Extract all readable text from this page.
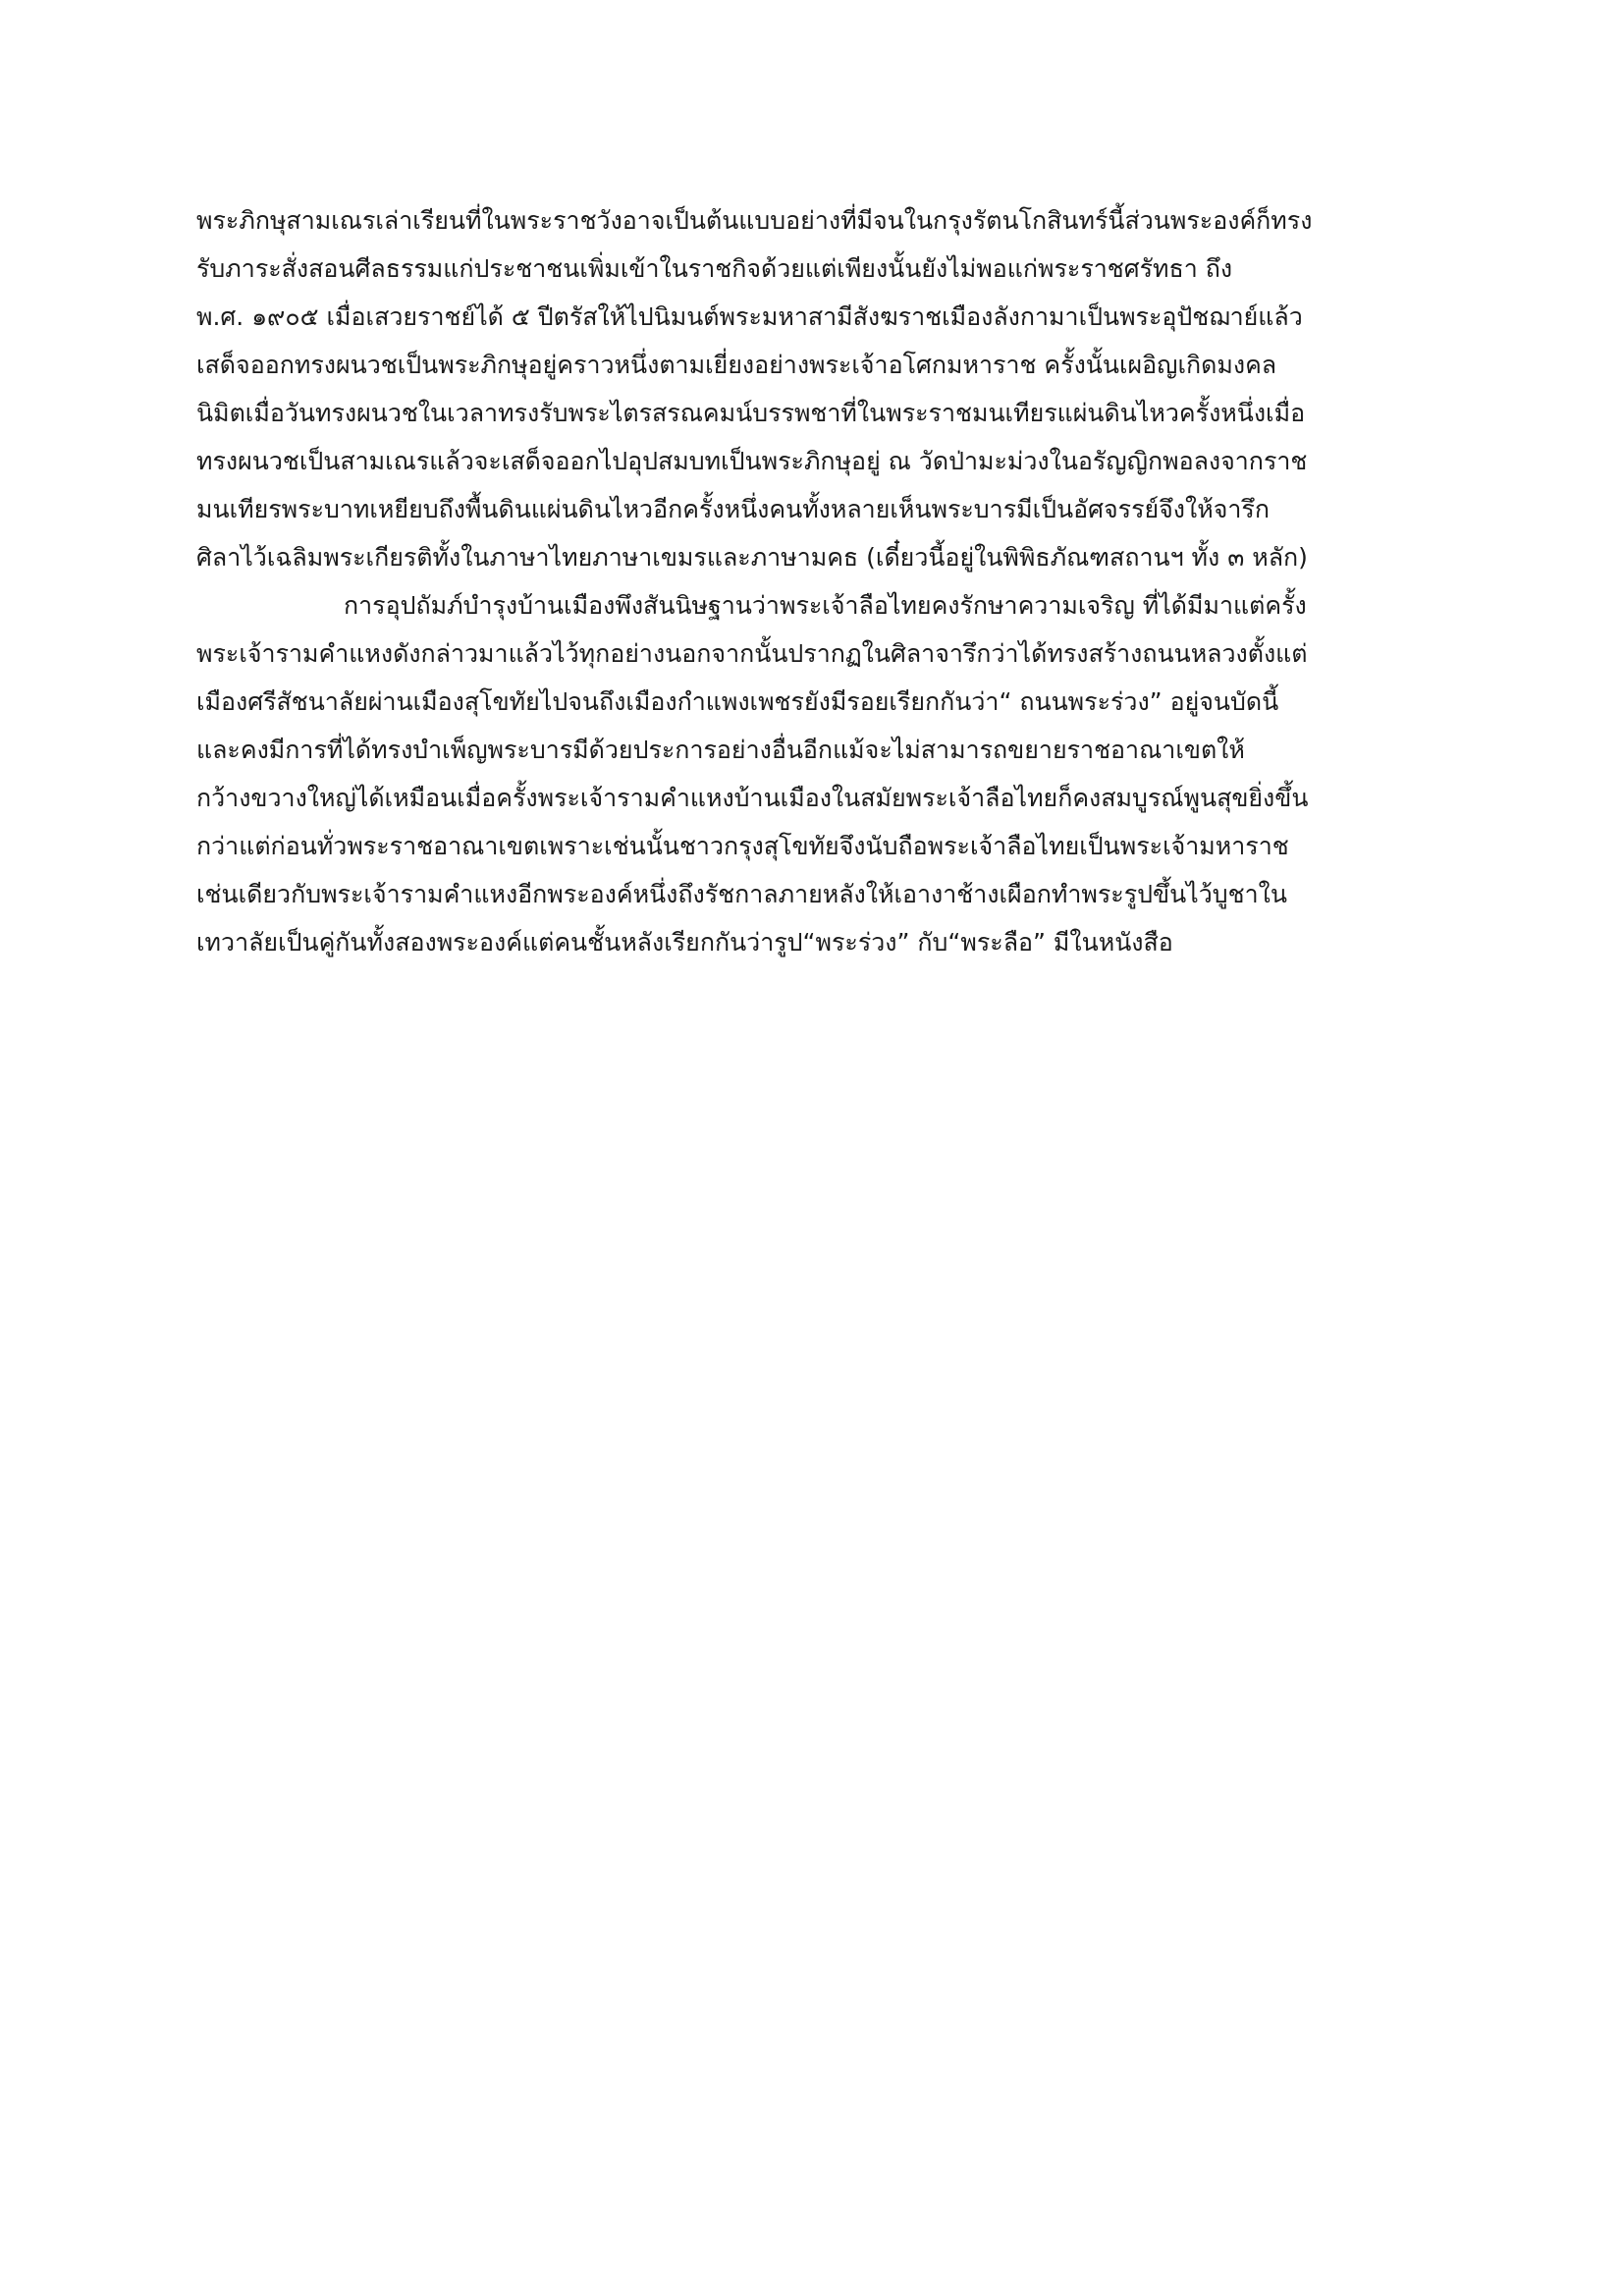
พระภิกษุสามเณรเล่าเรียนที่ในพระราชวังอาจเป็นต้นแบบอย่างที่มีจนในกรุงรัตนโกสินทร์นี้ส่วนพระองค์ก็ทรง
รับภาระสั่งสอนศีลธรรมแก่ประชาชนเพิ่มเข้าในราชกิจด้วยแต่เพียงนั้นยังไม่พอแก่พระราชศรัทธา ถึง
พ.ศ. ๑๙๐๕ เมื่อเสวยราชย์ได้ ๕ ปีตรัสให้ไปนิมนต์พระมหาสามีสังฆราชเมืองลังกามาเป็นพระอุปัชฌาย์แล้ว
เสด็จออกทรงผนวชเป็นพระภิกษุอยู่คราวหนึ่งตามเยี่ยงอย่างพระเจ้าอโศกมหาราช ครั้งนั้นเผอิญเกิดมงคล
นิมิตเมื่อวันทรงผนวชในเวลาทรงรับพระไตรสรณคมน์บรรพชาที่ในพระราชมนเทียรแผ่นดินไหวครั้งหนึ่งเมื่อ
ทรงผนวชเป็นสามเณรแล้วจะเสด็จออกไปอุปสมบทเป็นพระภิกษุอยู่ ณ วัดป่ามะม่วงในอรัญญิกพอลงจากราช
มนเทียรพระบาทเหยียบถึงพื้นดินแผ่นดินไหวอีกครั้งหนึ่งคนทั้งหลายเห็นพระบารมีเป็นอัศจรรย์จึงให้จารึก
ศิลาไว้เฉลิมพระเกียรติทั้งในภาษาไทยภาษาเขมรและภาษามคธ (เดี๋ยวนี้อยู่ในพิพิธภัณฑสถานฯ ทั้ง ๓ หลัก)
การอุปถัมภ์บำรุงบ้านเมืองพึงสันนิษฐานว่าพระเจ้าลือไทยคงรักษาความเจริญ ที่ได้มีมาแต่ครั้ง
พระเจ้ารามคำแหงดังกล่าวมาแล้วไว้ทุกอย่างนอกจากนั้นปรากฏในศิลาจารึกว่าได้ทรงสร้างถนนหลวงตั้งแต่
เมืองศรีสัชนาลัยผ่านเมืองสุโขทัยไปจนถึงเมืองกำแพงเพชรยังมีรอยเรียกกันว่า“ ถนนพระร่วง” อยู่จนบัดนี้
และคงมีการที่ได้ทรงบำเพ็ญพระบารมีด้วยประการอย่างอื่นอีกแม้จะไม่สามารถขยายราชอาณาเขตให้
กว้างขวางใหญ่ได้เหมือนเมื่อครั้งพระเจ้ารามคำแหงบ้านเมืองในสมัยพระเจ้าลือไทยก็คงสมบูรณ์พูนสุขยิ่งขึ้น
กว่าแต่ก่อนทั่วพระราชอาณาเขตเพราะเช่นนั้นชาวกรุงสุโขทัยจึงนับถือพระเจ้าลือไทยเป็นพระเจ้ามหาราช
เช่นเดียวกับพระเจ้ารามคำแหงอีกพระองค์หนึ่งถึงรัชกาลภายหลังให้เอางาช้างเผือกทำพระรูปขึ้นไว้บูชาใน
เทวาลัยเป็นคู่กันทั้งสองพระองค์แต่คนชั้นหลังเรียกกันว่ารูป“พระร่วง” กับ“พระลือ” มีในหนังสือ
